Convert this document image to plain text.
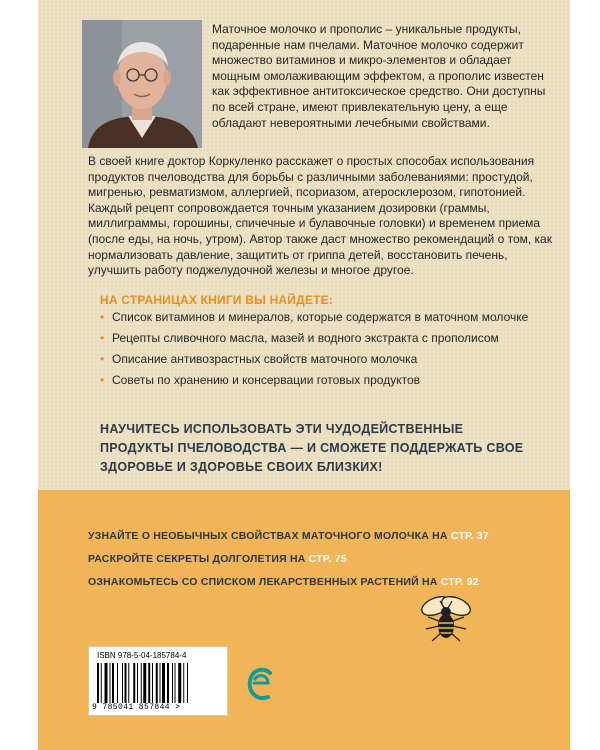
Маточное молочко и прополис – уникальные продукты, подаренные нам пчелами. Маточное молочко содержит множество витаминов и микро-элементов и обладает мощным омолаживающим эффектом, а прополис известен как эффективное антитоксическое средство. Они доступны по всей стране, имеют привлекательную цену, а еще обладают невероятными лечебными свойствами.

В своей книге доктор Коркуленко расскажет о простых способах использования продуктов пчеловодства для борьбы с различными заболеваниями: простудой, мигренью, ревматизмом, аллергией, псориазом, атеросклерозом, гипотонией. Каждый рецепт сопровождается точным указанием дозировки (граммы, миллиграммы, горошины, спичечные и булавочные головки) и временем приема (после еды, на ночь, утром). Автор также даст множество рекомендаций о том, как нормализовать давление, защитить от гриппа детей, восстановить печень, улучшить работу поджелудочной железы и многое другое.

НА СТРАНИЦАХ КНИГИ ВЫ НАЙДЕТЕ:

• Список витаминов и минералов, которые содержатся в маточном молочке
• Рецепты сливочного масла, мазей и водного экстракта с прополисом
• Описание антивозрастных свойств маточного молочка
• Советы по хранению и консервации готовых продуктов

НАУЧИТЕСЬ ИСПОЛЬЗОВАТЬ ЭТИ ЧУДОДЕЙСТВЕННЫЕ ПРОДУКТЫ ПЧЕЛОВОДСТВА — И СМОЖЕТЕ ПОДДЕРЖАТЬ СВОЕ ЗДОРОВЬЕ И ЗДОРОВЬЕ СВОИХ БЛИЗКИХ!

УЗНАЙТЕ О НЕОБЫЧНЫХ СВОЙСТВАХ МАТОЧНОГО МОЛОЧКА НА СТР. 37
РАСКРОЙТЕ СЕКРЕТЫ ДОЛГОЛЕТИЯ НА СТР. 75
ОЗНАКОМЬТЕСЬ СО СПИСКОМ ЛЕКАРСТВЕННЫХ РАСТЕНИЙ НА СТР. 92
ISBN 978-5-04-185784-4
9 785041 857844 >
